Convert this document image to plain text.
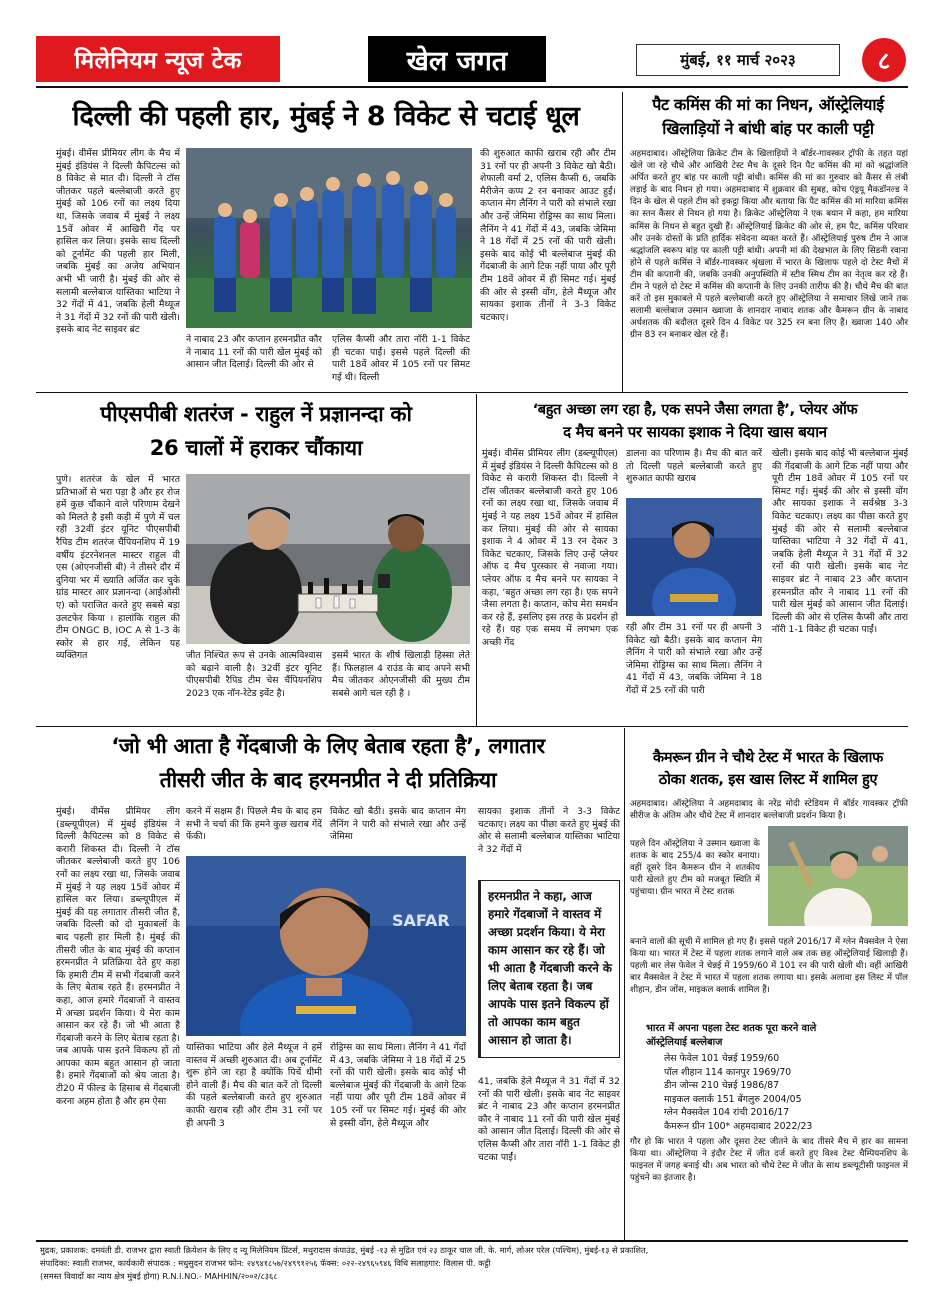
मिलेनियम न्यूज टेक	खेल जगत	मुंबई, ११ मार्च २०२३	८
दिल्ली की पहली हार, मुंबई ने 8 विकेट से चटाई धूल
मुंबई। वीमेंस प्रीमियर लीग के मैच में मुंबई इंडियंस ने दिल्ली कैपिटल्स को 8 विकेट से मात दी। दिल्ली ने टॉस जीतकर पहले बल्लेबाजी करते हुए मुंबई को 106 रनों का लक्ष्य दिया था, जिसके जवाब में मुंबई ने लक्ष्य 15वें ओवर में आखिरी गेंद पर हासिल कर लिया। इसके साथ दिल्ली को टूर्नामेंट की पहली हार मिली, जबकि मुंबई का अजेय अभियान अभी भी जारी है। मुंबई की ओर से सलामी बल्लेबाज यास्तिका भाटिया ने 32 गेंदों में 41, जबकि हेली मैथ्यूज ने 31 गेंदों में 32 रनों की पारी खेली। इसके बाद नेट साइवर ब्रंट
ने नाबाद 23 और कप्तान हरमनप्रीत कौर ने नाबाद 11 रनों की पारी खेल मुंबई को आसान जीत दिलाई। दिल्ली की ओर से
एलिस कैप्सी और तारा नॉरी 1-1 विकेट ही चटका पाईं। इससे पहले दिल्ली की पारी 18वें ओवर में 105 रनों पर सिमट गई थी। दिल्ली
की शुरुआत काफी खराब रही और टीम 31 रनों पर ही अपनी 3 विकेट खो बैठी। शेफाली वर्मा 2, एलिस कैप्सी 6, जबकि मैरीजेन कप्प 2 रन बनाकर आउट हुईं। कप्तान मेग लैनिंग ने पारी को संभाले रखा और उन्हें जेमिमा रोड्रिग्स का साथ मिला। लैनिंग ने 41 गेंदों में 43, जबकि जेमिमा ने 18 गेंदों में 25 रनों की पारी खेली। इसके बाद कोई भी बल्लेबाज मुंबई की गेंदबाजी के आगे टिक नहीं पाया और पूरी टीम 18वें ओवर में ही सिमट गई। मुंबई की ओर से इस्सी वोंग, हेले मैथ्यूज और सायका इशाक तीनों ने 3-3 विकेट चटकाए।
पैट कमिंस की मां का निधन, ऑस्ट्रेलियाई
खिलाड़ियों ने बांधी बांह पर काली पट्टी
अहमदाबाद। ऑस्ट्रेलिया क्रिकेट टीम के खिलाड़ियों ने बॉर्डर-गावस्कर ट्रॉफी के तहत यहां खेले जा रहे चौथे और आखिरी टेस्ट मैच के दूसरे दिन पैट कमिंस की मां को श्रद्धांजलि अर्पित करते हुए बांह पर काली पट्टी बांधी। कमिंस की मां का गुरुवार को कैंसर से लंबी लड़ाई के बाद निधन हो गया। अहमदाबाद में शुक्रवार की सुबह, कोच एंड्रयू मैकडॉनल्ड ने दिन के खेल से पहले टीम को इकट्ठा किया और बताया कि पैट कमिंस की मां मारिया कमिंस का स्तन कैंसर से निधन हो गया है। क्रिकेट ऑस्ट्रेलिया ने एक बयान में कहा, हम मारिया कमिंस के निधन से बहुत दुखी हैं। ऑस्ट्रेलियाई क्रिकेट की ओर से, हम पैट, कमिंस परिवार और उनके दोस्तों के प्रति हार्दिक संवेदना व्यक्त करते हैं। ऑस्ट्रेलियाई पुरुष टीम ने आज श्रद्धांजलि स्वरूप बांह पर काली पट्टी बांधी। अपनी मां की देखभाल के लिए सिडनी रवाना होने से पहले कमिंस ने बॉर्डर-गावस्कर श्रृंखला में भारत के खिलाफ पहले दो टेस्ट मैचों में टीम की कप्तानी की, जबकि उनकी अनुपस्थिति में स्टीव स्मिथ टीम का नेतृत्व कर रहे हैं। टीम ने पहले दो टेस्ट में कमिंस की कप्तानी के लिए उनकी तारीफ की है। चौथे मैच की बात करें तो इस मुकाबले में पहले बल्लेबाजी करते हुए ऑस्ट्रेलिया ने समाचार लिखे जाने तक सलामी बल्लेबाज उस्मान ख्वाजा के शानदार नाबाद शतक और कैमरून ग्रीन के नाबाद अर्धशतक की बदौलत दूसरे दिन 4 विकेट पर 325 रन बना लिए हैं। ख्वाजा 140 और ग्रीन 83 रन बनाकर खेल रहे हैं।
पीएसपीबी शतरंज - राहुल नें प्रज्ञानन्दा को
26 चालों में हराकर चौंकाया
पुणे। शतरंज के खेल में भारत प्रतिभाओं से भरा पड़ा है और हर रोज हमें कुछ चौंकाने वाले परिणाम देखने को मिलते है इसी कड़ी में पुणे में चल रही 32वीं इंटर यूनिट पीएसपीबी रैपिड टीम शतरंज चैंपियनशिप में 19 वर्षीय इंटरनेशनल मास्टर राहुल वी एस (ओएनजीसी बी) ने तीसरे दौर में दुनिया भर में ख्याति अर्जित कर चुके ग्रांड मास्टर आर प्रज्ञानन्दा (आईओसी ए) को पराजित करते हुए सबसे बड़ा उलटफेर किया । हालांकि राहुल की टीम ONGC B, IOC A से 1-3 के स्कोर से हार गई, लेकिन यह व्यक्तिगत	जीत निश्चित रूप से उनके आत्मविश्वास को बढ़ाने वाली है। 32वीं इंटर यूनिट पीएसपीबी रैपिड टीम चेस चैंपियनशिप 2023 एक नॉन-रेटेड इवेंट है।
इसमें भारत के शीर्ष खिलाड़ी हिस्सा लेते हैं। फिलहाल 4 राउंड के बाद अपने सभी मैच जीतकर ओएनजीसी की मुख्य टीम सबसे आगे चल रही है ।
‘बहुत अच्छा लग रहा है, एक सपने जैसा लगता है’, प्लेयर ऑफ
द मैच बनने पर सायका इशाक ने दिया खास बयान
मुंबई। वीमेंस प्रीमियर लीग (डब्ल्यूपीएल) में मुंबई इंडियंस ने दिल्ली कैपिटल्स को 8 विकेट से करारी शिकस्त दी। दिल्ली ने टॉस जीतकर बल्लेबाजी करते हुए 106 रनों का लक्ष्य रखा था, जिसके जवाब में मुंबई ने यह लक्ष्य 15वें ओवर में हासिल कर लिया। मुंबई की ओर से सायका इशाक ने 4 ओवर में 13 रन देकर 3 विकेट चटकाए, जिसके लिए उन्हें प्लेयर ऑफ द मैच पुरस्कार से नवाजा गया। प्लेयर ऑफ द मैच बनने पर सायका ने कहा, ‘बहुत अच्छा लग रहा है। एक सपने जैसा लगता है। कप्तान, कोच मेरा समर्थन कर रहे हैं, इसलिए इस तरह के प्रदर्शन हो रहे हैं। यह एक समय में लगभग एक अच्छी गेंद
डालना का परिणाम है। मैच की बात करें तो दिल्ली पहले बल्लेबाजी करते हुए शुरुआत काफी खराब
रही और टीम 31 रनों पर ही अपनी 3 विकेट खो बैठी। इसके बाद कप्तान मेग लैनिंग ने पारी को संभाले रखा और उन्हें जेमिमा रोड्रिग्स का साथ मिला। लैनिंग ने 41 गेंदों में 43, जबकि जेमिमा ने 18 गेंदों में 25 रनों की पारी
खेली। इसके बाद कोई भी बल्लेबाज मुंबई की गेंदबाजी के आगे टिक नहीं पाया और पूरी टीम 18वें ओवर में 105 रनों पर सिमट गई। मुंबई की ओर से इस्सी वोंग और सायका इशाक ने सर्वश्रेष्ठ 3-3 विकेट चटकाए। लक्ष्य का पीछा करते हुए मुंबई की ओर से सलामी बल्लेबाज यास्तिका भाटिया ने 32 गेंदों में 41, जबकि हेली मैथ्यूज ने 31 गेंदों में 32 रनों की पारी खेली। इसके बाद नेट साइवर ब्रंट ने नाबाद 23 और कप्तान हरमनप्रीत कौर ने नाबाद 11 रनों की पारी खेल मुंबई को आसान जीत दिलाई। दिल्ली की ओर से एलिस कैप्सी और तारा नॉरी 1-1 विकेट ही चटका पाईं।
‘जो भी आता है गेंदबाजी के लिए बेताब रहता है’, लगातार
तीसरी जीत के बाद हरमनप्रीत ने दी प्रतिक्रिया
मुंबई। वीमेंस प्रीमियर लीग (डब्ल्यूपीएल) में मुंबई इंडियंस ने दिल्ली कैपिटल्स को 8 विकेट से करारी शिकस्त दी। दिल्ली ने टॉस जीतकर बल्लेबाजी करते हुए 106 रनों का लक्ष्य रखा था, जिसके जवाब में मुंबई ने यह लक्ष्य 15वें ओवर में हासिल कर लिया। डब्ल्यूपीएल में मुंबई की यह लगातार तीसरी जीत है, जबकि दिल्ली को दो मुकाबलों के बाद पहली हार मिली है। मुंबई की तीसरी जीत के बाद मुंबई की कप्तान हरमनप्रीत ने प्रतिक्रिया देते हुए कहा कि हमारी टीम में सभी गेंदबाजी करने के लिए बेताब रहते हैं। हरमनप्रीत ने कहा, आज हमारे गेंदबाजों ने वास्तव में अच्छा प्रदर्शन किया। ये मेरा काम आसान कर रहे हैं। जो भी आता है गेंदबाजी करने के लिए बेताब रहता है। जब आपके पास इतने विकल्प हों तो आपका काम बहुत आसान हो जाता है। हमारे गेंदबाजों को श्रेय जाता है। टी20 में फील्ड के हिसाब से गेंदबाजी करना अहम होता है और हम ऐसा
करने में सक्षम हैं। पिछले मैच के बाद हम सभी ने चर्चा की कि हमने कुछ खराब गेंदें फेंकी।
विकेट खो बैठी। इसके बाद कप्तान मेग लैनिंग ने पारी को संभाले रखा और उन्हें जेमिमा
SAFAR
यास्तिका भाटिया और हेले मैथ्यूज ने हमें वास्तव में अच्छी शुरुआत दी। अब टूर्नामेंट शुरू होने जा रहा है क्योंकि पिचें धीमी होने वाली हैं। मैच की बात करें तो दिल्ली की पहले बल्लेबाजी करते हुए शुरुआत काफी खराब रही और टीम 31 रनों पर ही अपनी 3
रोड्रिग्स का साथ मिला। लैनिंग ने 41 गेंदों में 43, जबकि जेमिमा ने 18 गेंदों में 25 रनों की पारी खेली। इसके बाद कोई भी बल्लेबाज मुंबई की गेंदबाजी के आगे टिक नहीं पाया और पूरी टीम 18वें ओवर में 105 रनों पर सिमट गई। मुंबई की ओर से इस्सी वोंग, हेले मैथ्यूज और
सायका इशाक तीनों ने 3-3 विकेट चटकाए। लक्ष्य का पीछा करते हुए मुंबई की ओर से सलामी बल्लेबाज यास्तिका भाटिया ने 32 गेंदों में
हरमनप्रीत ने कहा, आज हमारे गेंदबाजों ने वास्तव में अच्छा प्रदर्शन किया। ये मेरा काम आसान कर रहे हैं। जो भी आता है गेंदबाजी करने के लिए बेताब रहता है। जब आपके पास इतने विकल्प हों तो आपका काम बहुत आसान हो जाता है।
41, जबकि हेले मैथ्यूज ने 31 गेंदों में 32 रनों की पारी खेली। इसके बाद नेट साइवर ब्रंट ने नाबाद 23 और कप्तान हरमनप्रीत कौर ने नाबाद 11 रनों की पारी खेल मुंबई को आसान जीत दिलाई। दिल्ली की ओर से एलिस कैप्सी और तारा नॉरी 1-1 विकेट ही चटका पाईं।
कैमरून ग्रीन ने चौथे टेस्ट में भारत के खिलाफ
ठोका शतक, इस खास लिस्ट में शामिल हुए
अहमदाबाद। ऑस्ट्रेलिया ने अहमदाबाद के नरेंद्र मोदी स्टेडियम में बॉर्डर गावस्कर ट्रॉफी सीरीज के अंतिम और चौथे टेस्ट में शानदार बल्लेबाजी प्रदर्शन किया है।
पहले दिन ऑस्ट्रेलिया ने उस्मान ख्वाजा के शतक के बाद 255/4 का स्कोर बनाया। वहीं दूसरे दिन कैमरून ग्रीन ने शतकीय पारी खेलते हुए टीम को मजबूत स्थिति में पहुंचाया। ग्रीन भारत में टेस्ट शतक
बनाने वालों की सूची में शामिल हो गए हैं। इससे पहले 2016/17 में ग्लेन मैक्सवेल ने ऐसा किया था। भारत में टेस्ट में पहला शतक लगाने वाले अब तक छह ऑस्ट्रेलियाई खिलाड़ी हैं। पहली बार लेस फेवेल ने चेन्नई में 1959/60 में 101 रन की पारी खेली थी। वहीं आखिरी बार मैक्सवेल ने टेस्ट में भारत में पहला शतक लगाया था। इसके अलावा इस लिस्ट में पॉल शीहान, डीन जोंस, माइकल क्लार्क शामिल हैं।
भारत में अपना पहला टेस्ट शतक पूरा करने वाले
ऑस्ट्रेलियाई बल्लेबाज
लेस फेवेल 101 चेन्नई 1959/60
पॉल शीहान 114 कानपुर 1969/70
डीन जोन्स 210 चेन्नई 1986/87
माइकल क्लार्क 151 बेंगलुरु 2004/05
ग्लेन मैक्सवेल 104 रांची 2016/17
कैमरून ग्रीन 100* अहमदाबाद 2022/23
गौर हो कि भारत ने पहला और दूसरा टेस्ट जीतने के बाद तीसरे मैच में हार का सामना किया था। ऑस्ट्रेलिया ने इंदौर टेस्ट में जीत दर्ज करते हुए विश्व टेस्ट चैम्पियनशिप के फाइनल में जगह बनाई थी। अब भारत को चौथे टेस्ट में जीत के साथ डब्ल्यूटीसी फाइनल में पहुंचने का इंतजार है।
मुद्रक, प्रकाशक: दमयंती डी. राजभर द्वारा स्वाती क्रियेशन के लिए द न्यू मिलेनियम प्रिंटर्स, मथुरादास कंपाउंड, मुंबई -१३ से मुद्रित एवं २३ ठाकूर चाल जी. के. मार्ग, लोअर परेल (पश्चिम), मुंबई-१३ से प्रकाशित,
संपादिका: स्वाती राजभर, कार्यकारी संपादक : मधुसुदन राजभर फोन: २४९४१८५७/२४९९१२५६ फॅक्स: ०२२-२४९६५९४६ विधि सलाहगार: विलास पी. कट्ठी
(समस्त विवादों का न्याय क्षेत्र मुंबई होगा) R.N.I.NO.- MAHHIN/२००२/८३६८
